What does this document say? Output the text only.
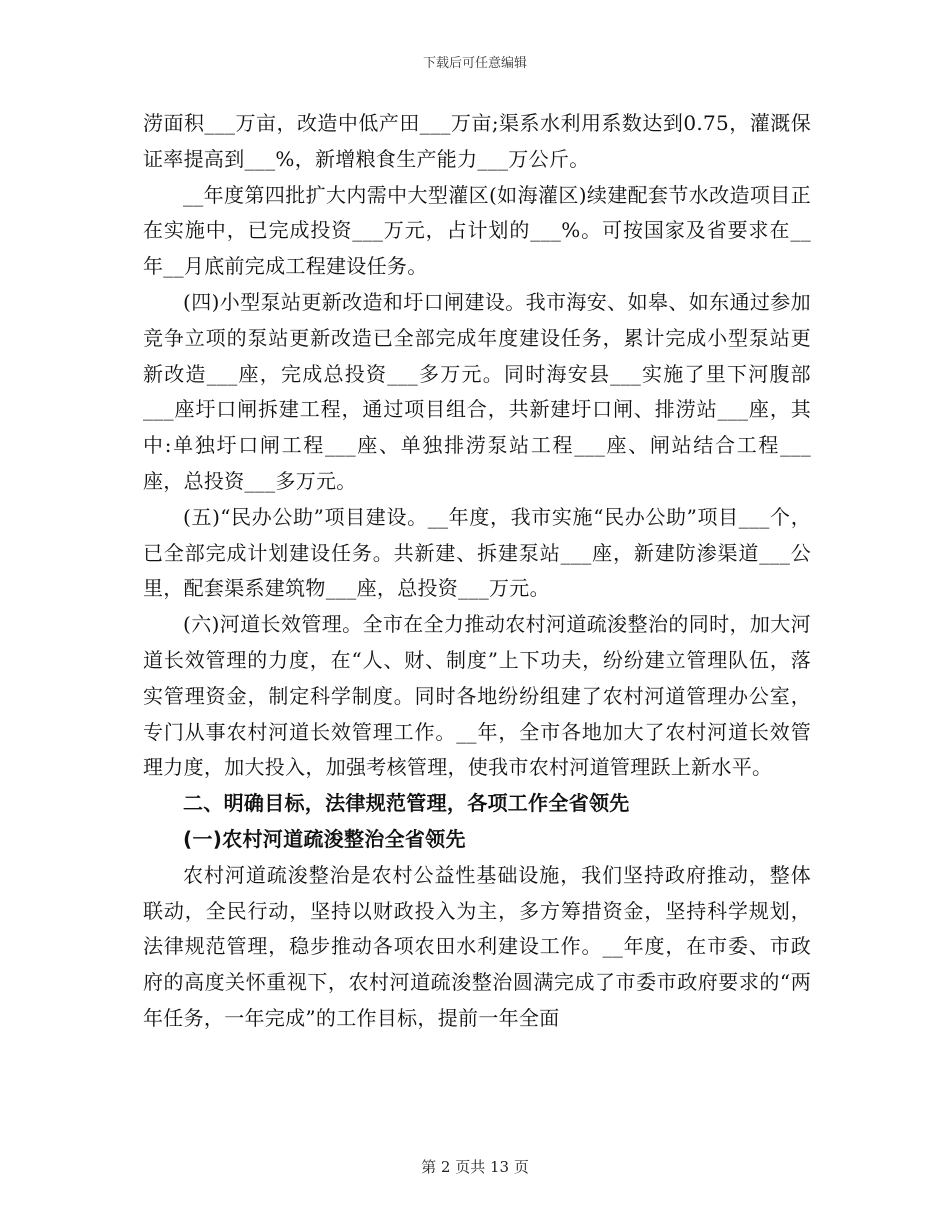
下载后可任意编辑

涝面积___万亩，改造中低产田___万亩;渠系水利用系数达到0.75，灌溉保证率提高到___%，新增粮食生产能力___万公斤。

__年度第四批扩大内需中大型灌区(如海灌区)续建配套节水改造项目正在实施中，已完成投资___万元，占计划的___%。可按国家及省要求在__年__月底前完成工程建设任务。

(四)小型泵站更新改造和圩口闸建设。我市海安、如皋、如东通过参加竞争立项的泵站更新改造已全部完成年度建设任务，累计完成小型泵站更新改造___座，完成总投资___多万元。同时海安县___实施了里下河腹部___座圩口闸拆建工程，通过项目组合，共新建圩口闸、排涝站___座，其中:单独圩口闸工程___座、单独排涝泵站工程___座、闸站结合工程___座，总投资___多万元。

(五)“民办公助”项目建设。__年度，我市实施“民办公助”项目___个，已全部完成计划建设任务。共新建、拆建泵站___座，新建防渗渠道___公里，配套渠系建筑物___座，总投资___万元。

(六)河道长效管理。全市在全力推动农村河道疏浚整治的同时，加大河道长效管理的力度，在“人、财、制度”上下功夫，纷纷建立管理队伍，落实管理资金，制定科学制度。同时各地纷纷组建了农村河道管理办公室，专门从事农村河道长效管理工作。__年，全市各地加大了农村河道长效管理力度，加大投入，加强考核管理，使我市农村河道管理跃上新水平。

二、明确目标，法律规范管理，各项工作全省领先

(一)农村河道疏浚整治全省领先

农村河道疏浚整治是农村公益性基础设施，我们坚持政府推动，整体联动，全民行动，坚持以财政投入为主，多方筹措资金，坚持科学规划，法律规范管理，稳步推动各项农田水利建设工作。__年度，在市委、市政府的高度关怀重视下，农村河道疏浚整治圆满完成了市委市政府要求的“两年任务，一年完成”的工作目标，提前一年全面

第 2 页共 13 页
